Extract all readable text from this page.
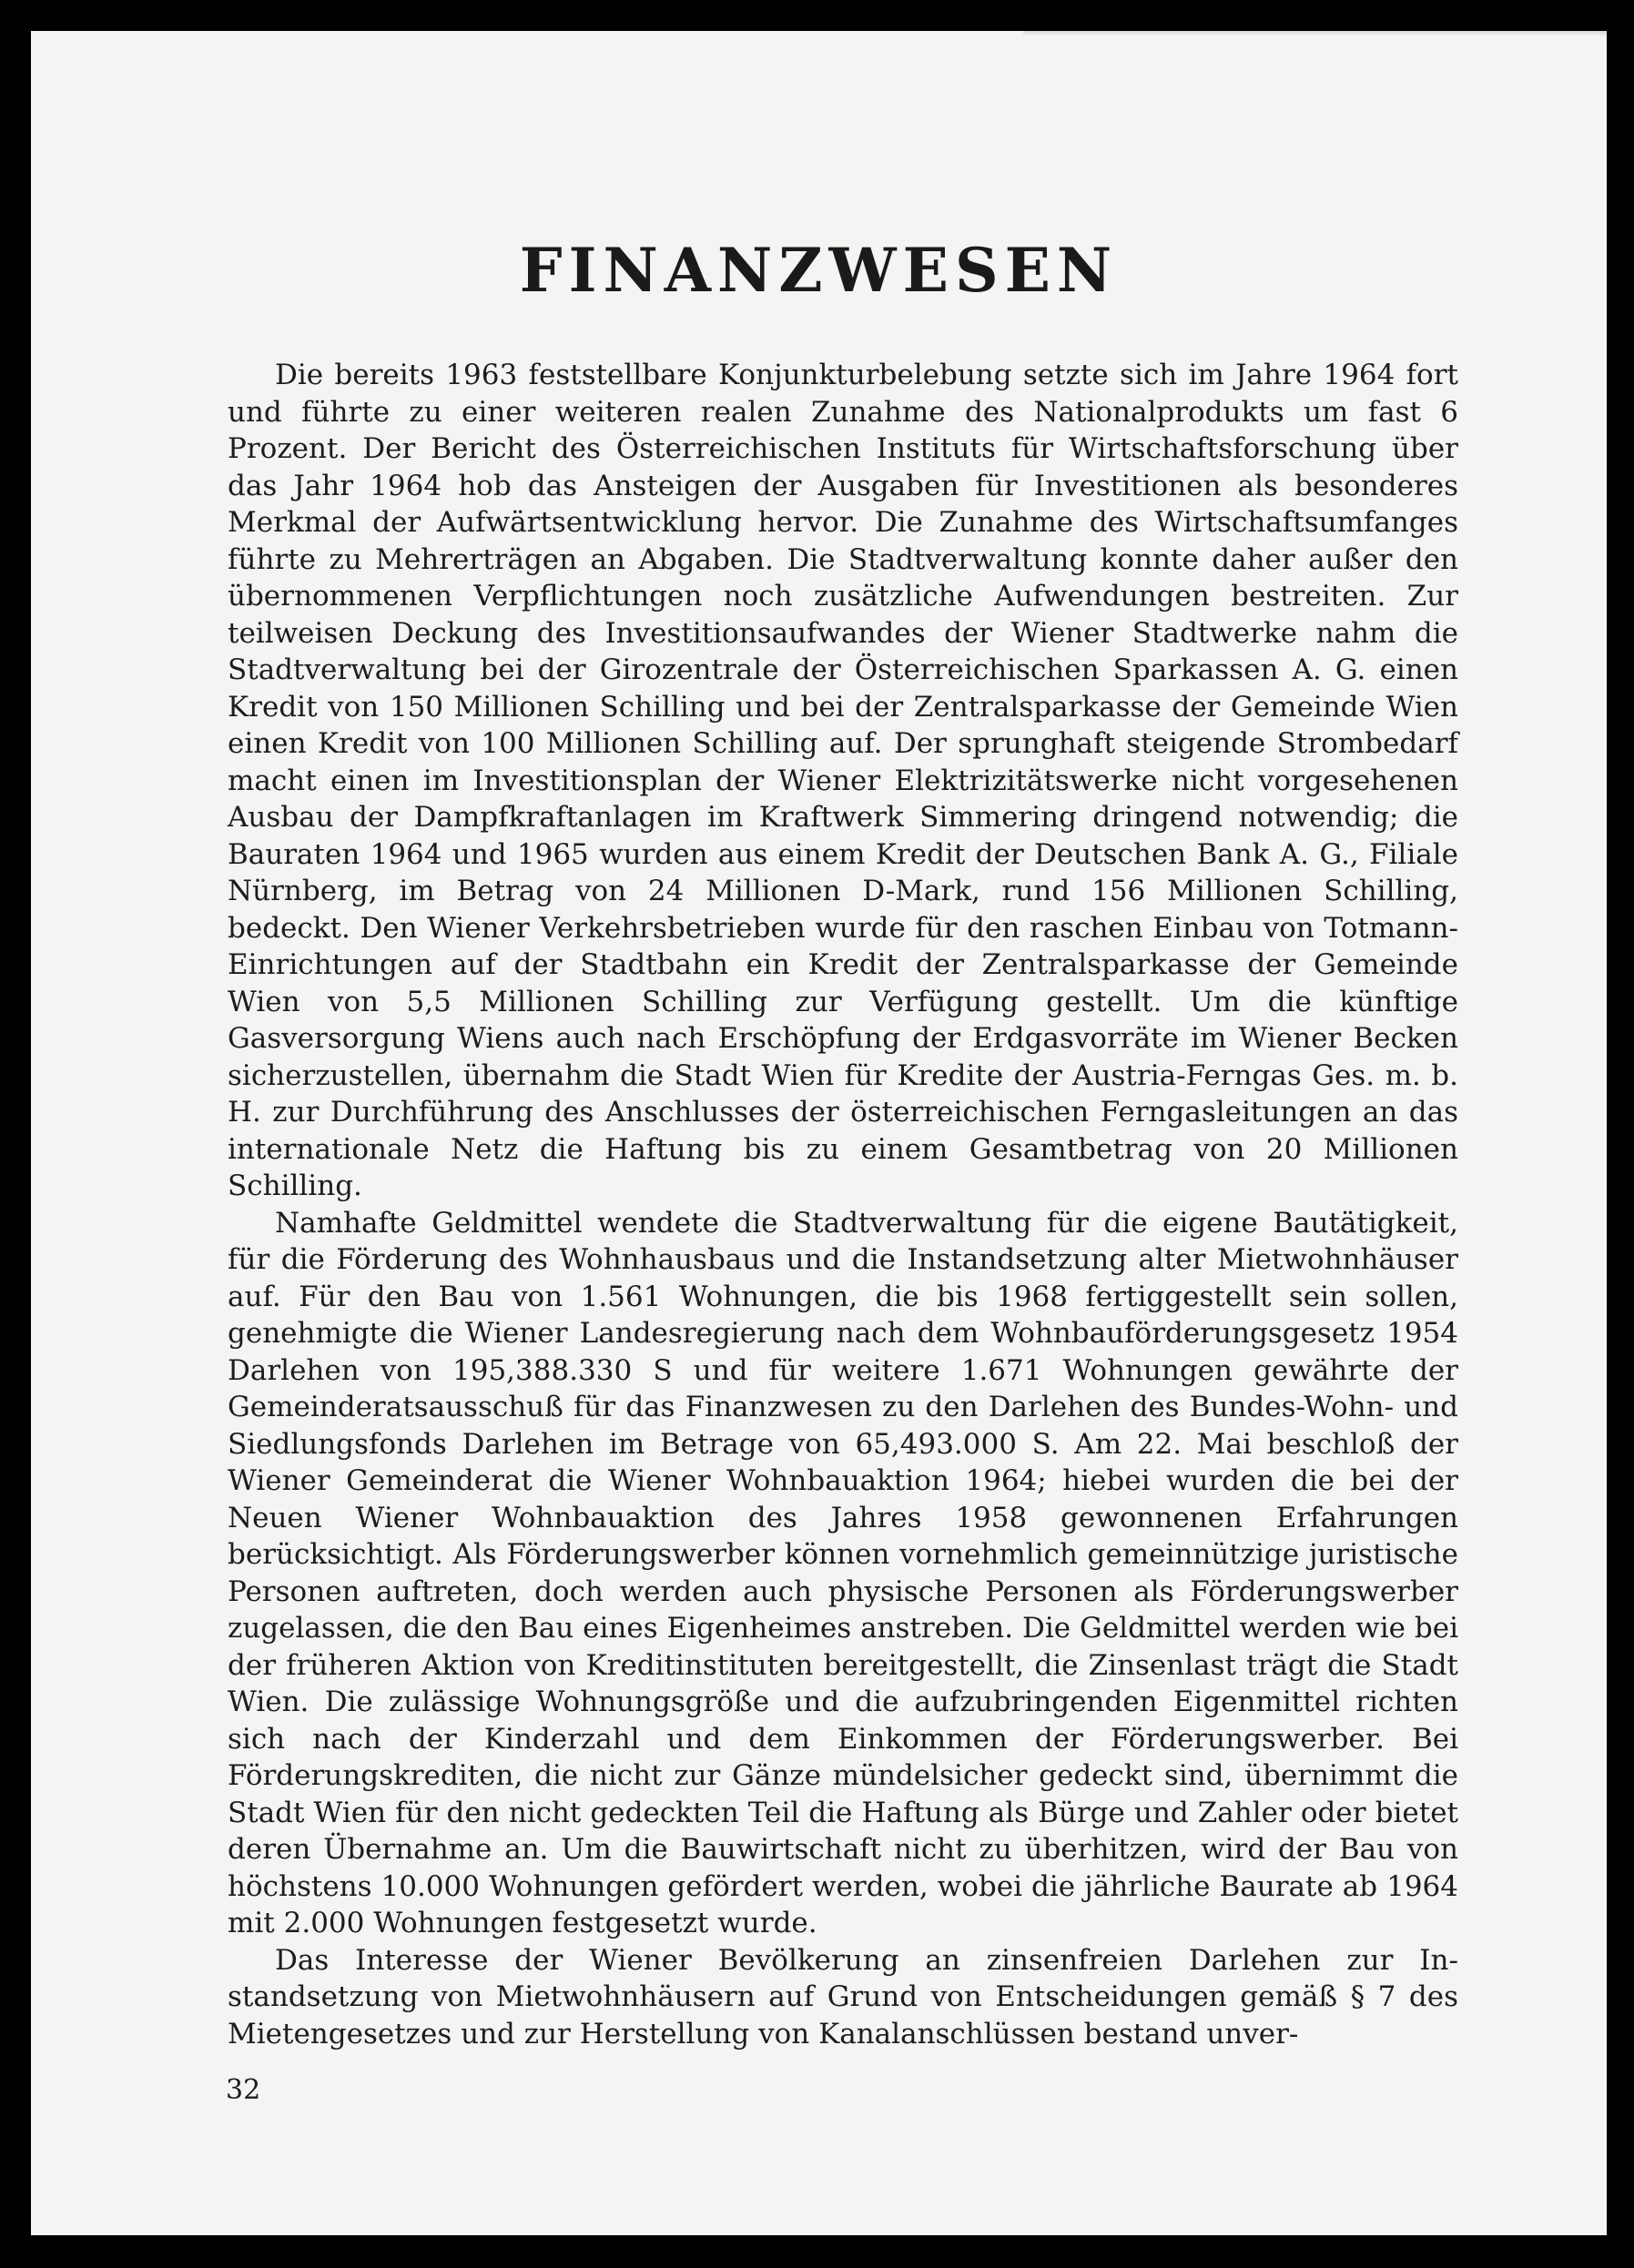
FINANZWESEN

Die bereits 1963 feststellbare Konjunkturbelebung setzte sich im Jahre 1964 fort und führte zu einer weiteren realen Zunahme des Nationalprodukts um fast 6 Prozent. Der Bericht des Österreichischen Instituts für Wirtschaftsforschung über das Jahr 1964 hob das Ansteigen der Ausgaben für Investitionen als besonderes Merkmal der Aufwärtsentwicklung hervor. Die Zunahme des Wirtschaftsumfanges führte zu Mehrerträgen an Abgaben. Die Stadtverwaltung konnte daher außer den übernommenen Verpflichtungen noch zusätzliche Aufwendungen bestreiten. Zur teilweisen Deckung des Investitionsaufwandes der Wiener Stadtwerke nahm die Stadtverwaltung bei der Girozentrale der Österreichischen Sparkassen A. G. einen Kredit von 150 Millionen Schilling und bei der Zentralsparkasse der Gemeinde Wien einen Kredit von 100 Millionen Schilling auf. Der sprunghaft steigende Strombedarf macht einen im Investitionsplan der Wiener Elektrizitätswerke nicht vorgesehenen Ausbau der Dampfkraftanlagen im Kraftwerk Simmering dringend notwendig; die Bauraten 1964 und 1965 wurden aus einem Kredit der Deutschen Bank A. G., Filiale Nürnberg, im Betrag von 24 Millionen D-Mark, rund 156 Millionen Schilling, bedeckt. Den Wiener Verkehrsbetrieben wurde für den raschen Einbau von Totmann-Einrichtungen auf der Stadtbahn ein Kredit der Zentralsparkasse der Gemeinde Wien von 5,5 Millionen Schilling zur Verfügung gestellt. Um die künftige Gasversorgung Wiens auch nach Erschöpfung der Erdgasvorräte im Wiener Becken sicherzustellen, übernahm die Stadt Wien für Kredite der Austria-Ferngas Ges. m. b. H. zur Durchführung des Anschlusses der österreichischen Ferngasleitungen an das internationale Netz die Haftung bis zu einem Gesamtbetrag von 20 Millionen Schilling.

Namhafte Geldmittel wendete die Stadtverwaltung für die eigene Bautätigkeit, für die Förderung des Wohnhausbaus und die Instandsetzung alter Mietwohnhäuser auf. Für den Bau von 1.561 Wohnungen, die bis 1968 fertiggestellt sein sollen, genehmigte die Wiener Landesregierung nach dem Wohnbauförderungsgesetz 1954 Darlehen von 195,388.330 S und für weitere 1.671 Wohnungen gewährte der Gemeinderatsausschuß für das Finanzwesen zu den Darlehen des Bundes-Wohn- und Siedlungsfonds Darlehen im Betrage von 65,493.000 S. Am 22. Mai beschloß der Wiener Gemeinderat die Wiener Wohnbauaktion 1964; hiebei wurden die bei der Neuen Wiener Wohnbauaktion des Jahres 1958 gewonnenen Erfahrungen berücksichtigt. Als Förderungswerber können vornehmlich gemeinnützige juristische Personen auftreten, doch werden auch physische Personen als Förderungswerber zugelassen, die den Bau eines Eigenheimes anstreben. Die Geldmittel werden wie bei der früheren Aktion von Kreditinstituten bereitgestellt, die Zinsenlast trägt die Stadt Wien. Die zulässige Wohnungsgröße und die aufzubringenden Eigenmittel richten sich nach der Kinderzahl und dem Einkommen der Förderungswerber. Bei Förderungskrediten, die nicht zur Gänze mündelsicher gedeckt sind, übernimmt die Stadt Wien für den nicht gedeckten Teil die Haftung als Bürge und Zahler oder bietet deren Übernahme an. Um die Bauwirtschaft nicht zu überhitzen, wird der Bau von höchstens 10.000 Wohnungen gefördert werden, wobei die jährliche Baurate ab 1964 mit 2.000 Wohnungen festgesetzt wurde.

Das Interesse der Wiener Bevölkerung an zinsenfreien Darlehen zur Instandsetzung von Mietwohnhäusern auf Grund von Entscheidungen gemäß § 7 des Mietengesetzes und zur Herstellung von Kanalanschlüssen bestand unver-

32
